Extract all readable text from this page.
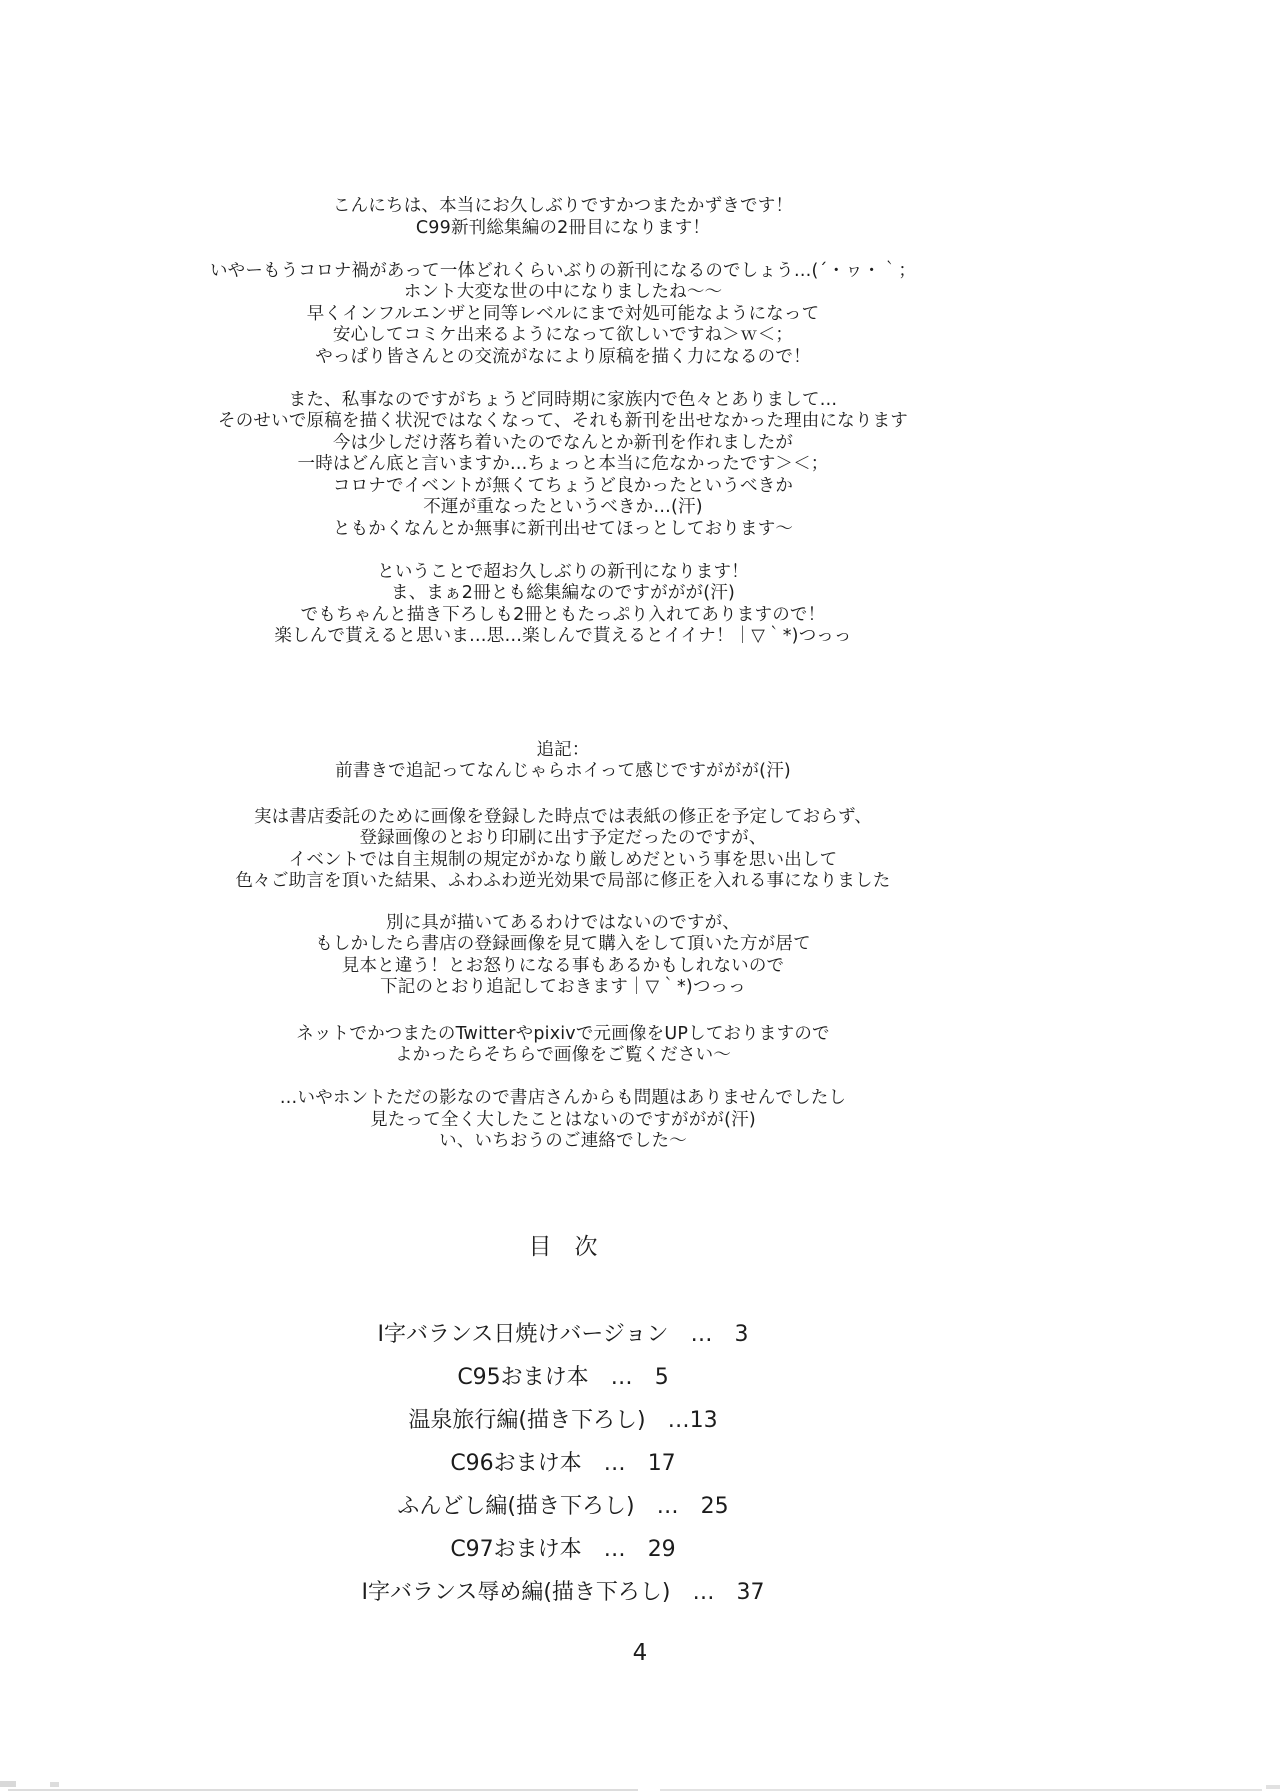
こんにちは、本当にお久しぶりですかつまたかずきです！
C99新刊総集編の2冊目になります！

いやーもうコロナ禍があって一体どれくらいぶりの新刊になるのでしょう…(´・ヮ・｀；
ホント大変な世の中になりましたね～～
早くインフルエンザと同等レベルにまで対処可能なようになって
安心してコミケ出来るようになって欲しいですね＞ｗ＜；
やっぱり皆さんとの交流がなにより原稿を描く力になるので！

また、私事なのですがちょうど同時期に家族内で色々とありまして…
そのせいで原稿を描く状況ではなくなって、それも新刊を出せなかった理由になります
今は少しだけ落ち着いたのでなんとか新刊を作れましたが
一時はどん底と言いますか…ちょっと本当に危なかったです＞＜；
コロナでイベントが無くてちょうど良かったというべきか
不運が重なったというべきか…(汗)
ともかくなんとか無事に新刊出せてほっとしております～

ということで超お久しぶりの新刊になります！
ま、まぁ2冊とも総集編なのですががが(汗)
でもちゃんと描き下ろしも2冊ともたっぷり入れてありますので！
楽しんで貰えると思いま…思…楽しんで貰えるとイイナ！｜▽｀*)つっっ

追記：
前書きで追記ってなんじゃらホイって感じですががが(汗)

実は書店委託のために画像を登録した時点では表紙の修正を予定しておらず、
登録画像のとおり印刷に出す予定だったのですが、
イベントでは自主規制の規定がかなり厳しめだという事を思い出して
色々ご助言を頂いた結果、ふわふわ逆光効果で局部に修正を入れる事になりました

別に具が描いてあるわけではないのですが、
もしかしたら書店の登録画像を見て購入をして頂いた方が居て
見本と違う！とお怒りになる事もあるかもしれないので
下記のとおり追記しておきます｜▽｀*)つっっ

ネットでかつまたのTwitterやpixivで元画像をUPしておりますので
よかったらそちらで画像をご覧ください～

…いやホントただの影なので書店さんからも問題はありませんでしたし
見たって全く大したことはないのですががが(汗)
い、いちおうのご連絡でした～

目　次
I字バランス日焼けバージョン　…　3
C95おまけ本　…　5
温泉旅行編(描き下ろし)　…13
C96おまけ本　…　17
ふんどし編(描き下ろし)　…　25
C97おまけ本　…　29
I字バランス辱め編(描き下ろし)　…　37
4
